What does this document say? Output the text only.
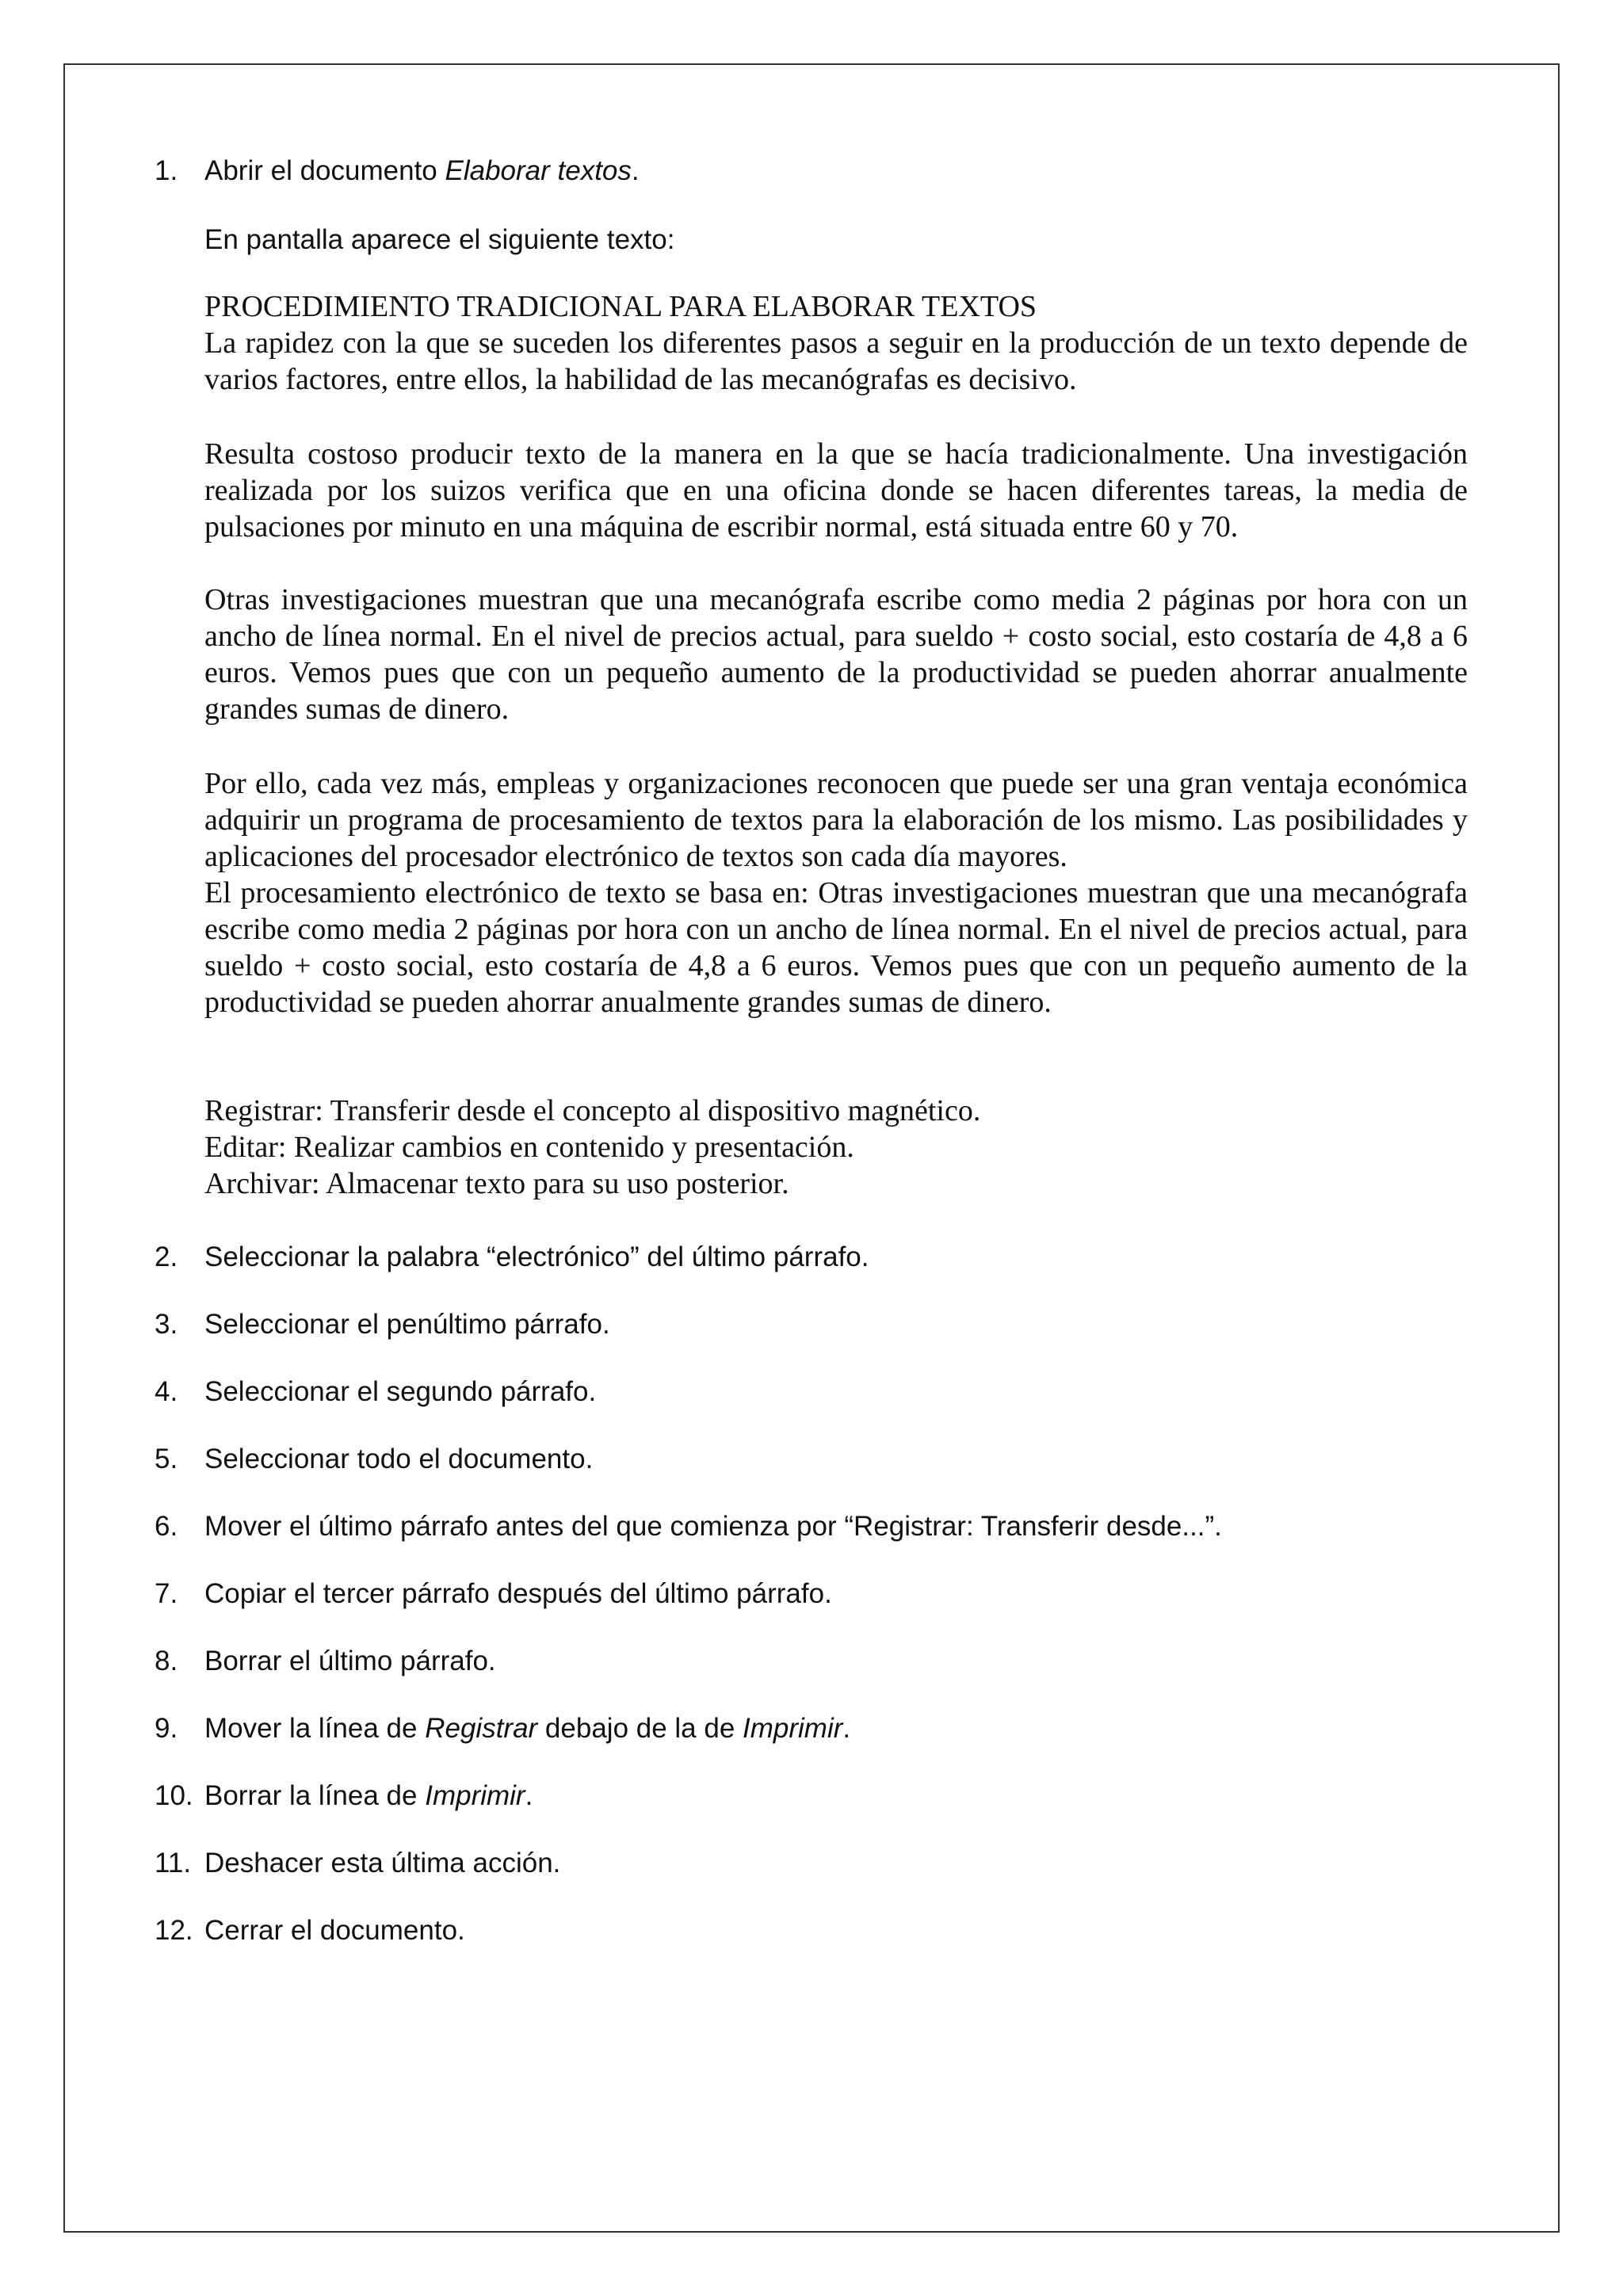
1. Abrir el documento Elaborar textos.
En pantalla aparece el siguiente texto:

PROCEDIMIENTO TRADICIONAL PARA ELABORAR TEXTOS

La rapidez con la que se suceden los diferentes pasos a seguir en la producción de un texto depende de varios factores, entre ellos, la habilidad de las mecanógrafas es decisivo.

Resulta costoso producir texto de la manera en la que se hacía tradicionalmente. Una investigación realizada por los suizos verifica que en una oficina donde se hacen diferentes tareas, la media de pulsaciones por minuto en una máquina de escribir normal, está situada entre 60 y 70.
Otras investigaciones muestran que una mecanógrafa escribe como media 2 páginas por hora con un ancho de línea normal. En el nivel de precios actual, para sueldo + costo social, esto costaría de 4,8 a 6 euros. Vemos pues que con un pequeño aumento de la productividad se pueden ahorrar anualmente grandes sumas de dinero.

Por ello, cada vez más, empleas y organizaciones reconocen que puede ser una gran ventaja económica adquirir un programa de procesamiento de textos para la elaboración de los mismo. Las posibilidades y aplicaciones del procesador electrónico de textos son cada día mayores.

El procesamiento electrónico de texto se basa en: Otras investigaciones muestran que una mecanógrafa escribe como media 2 páginas por hora con un ancho de línea normal. En el nivel de precios actual, para sueldo + costo social, esto costaría de 4,8 a 6 euros. Vemos pues que con un pequeño aumento de la productividad se pueden ahorrar anualmente grandes sumas de dinero.

Registrar: Transferir desde el concepto al dispositivo magnético.

Editar: Realizar cambios en contenido y presentación.

Archivar: Almacenar texto para su uso posterior.

2. Seleccionar la palabra “electrónico” del último párrafo.
3. Seleccionar el penúltimo párrafo.
4. Seleccionar el segundo párrafo.
5. Seleccionar todo el documento.
6. Mover el último párrafo antes del que comienza por “Registrar: Transferir desde...”.
7. Copiar el tercer párrafo después del último párrafo.
8. Borrar el último párrafo.
9. Mover la línea de Registrar debajo de la de Imprimir.
10. Borrar la línea de Imprimir.
11. Deshacer esta última acción.
12. Cerrar el documento.
